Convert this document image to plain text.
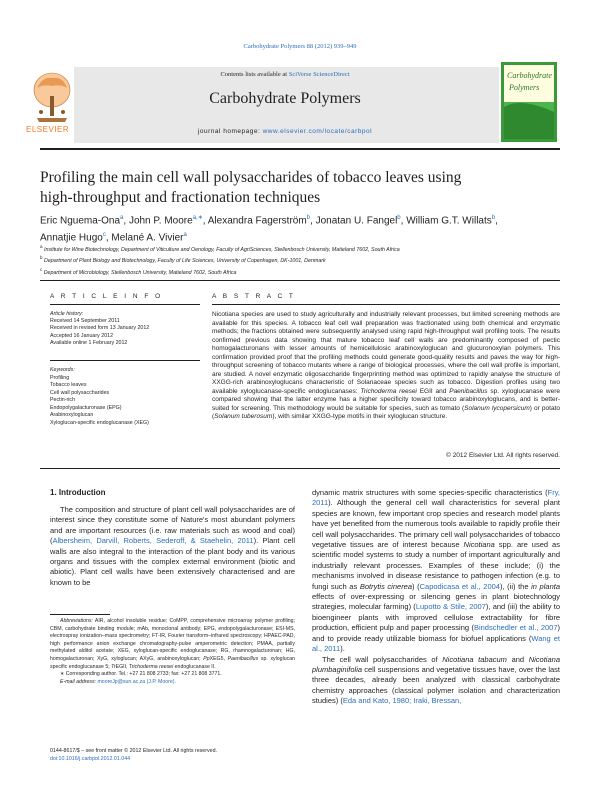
Carbohydrate Polymers 88 (2012) 939–949
ELSEVIER
Contents lists available at SciVerse ScienceDirect
Carbohydrate Polymers
journal homepage: www.elsevier.com/locate/carbpol
Carbohydrate
Polymers
Profiling the main cell wall polysaccharides of tobacco leaves using
high-throughput and fractionation techniques
Eric Nguema-Ona$^a$, John P. Moore$^{a,∗}$, Alexandra Fagerström$^b$, Jonatan U. Fangel$^b$, William G.T. Willats$^b$,
Annatjie Hugo$^c$, Melané A. Vivier$^a$
$^a$ Institute for Wine Biotechnology, Department of Viticulture and Oenology, Faculty of AgriSciences, Stellenbosch University, Matieland 7602, South Africa
$^b$ Department of Plant Biology and Biotechnology, Faculty of Life Sciences, University of Copenhagen, DK-1001, Denmark
$^c$ Department of Microbiology, Stellenbosch University, Matieland 7602, South Africa
A R T I C L E I N F O	A B S T R A C T
Article history:
Received 14 September 2011
Received in revised form 13 January 2012
Accepted 16 January 2012
Available online 1 February 2012
Keywords:
Profiling
Tobacco leaves
Cell wall polysaccharides
Pectin-rich
Endopolygalacturonase (EPG)
Arabinoxyloglucan
Xyloglucan-specific endoglucanase (XEG)
Nicotiana species are used to study agriculturally and industrially relevant processes, but limited screening methods are available for this species. A tobacco leaf cell wall preparation was fractionated using both chemical and enzymatic methods; the fractions obtained were subsequently analysed using rapid high-throughput wall profiling tools. The results confirmed previous data showing that mature tobacco leaf cell walls are predominantly composed of pectic homogalacturonans with lesser amounts of hemicellulosic arabinoxyloglucan and glucuronoxylan polymers. This confirmation provided proof that the profiling methods could generate good-quality results and paves the way for high-throughput screening of tobacco mutants where a range of biological processes, where the cell wall profile is important, are studied. A novel enzymatic oligosaccharide fingerprinting method was optimized to rapidly analyse the structure of XXGG-rich arabinoxyloglucans characteristic of Solanaceae species such as tobacco. Digestion profiles using two available xyloglucanase-specific endoglucanases: Trichoderma reesei EGII and Paenibacillus sp. xyloglucanase were compared showing that the latter enzyme has a higher specificity toward tobacco arabinoxyloglucans, and is better-suited for screening. This methodology would be suitable for species, such as tomato (Solanum lycopersicum) or potato (Solanum tuberosum), with similar XXGG-type motifs in their xyloglucan structure.
© 2012 Elsevier Ltd. All rights reserved.
1. Introduction

The composition and structure of plant cell wall polysaccharides are of interest since they constitute some of Nature's most abundant polymers and are important resources (i.e. raw materials such as wood and coal) (Albersheim, Darvill, Roberts, Sederoff, & Staehelin, 2011). Plant cell walls are also integral to the interaction of the plant body and its various organs and tissues with the complex external environment (biotic and abiotic). Plant cell walls have been extensively characterised and are known to be

Abbreviations: AIR, alcohol insoluble residue; CoMPP, comprehensive microarray polymer profiling; CBM, carbohydrate binding module; mAb, monoclonal antibody; EPG, endopolygalacturonase; ESI-MS, electrospray ionization–mass spectrometry; FT-IR, Fourier transform–infrared spectroscopy; HPAEC-PAD, high performance anion exchange chromatography-pulse amperometric detection; PMAA, partially methylated alditol acetate; XEG, xyloglucan-specific endoglucanase; RG, rhamnogalacturonan; HG, homogalacturonan; XyG, xyloglucan; AXyG, arabinoxyloglucan; PpXEG5, Paenibacillus sp. xyloglucan specific endoglucanase 5; TrEGII, Trichoderma reesei endoglucanase II.

∗ Corresponding author. Tel.: +27 21 808 2733; fax: +27 21 808 3771.

E-mail address: mooreJp@sun.ac.za (J.P. Moore).

0144-8617/$ – see front matter © 2012 Elsevier Ltd. All rights reserved.
doi:10.1016/j.carbpol.2012.01.044

dynamic matrix structures with some species-specific characteristics (Fry, 2011). Although the general cell wall characteristics for several plant species are known, few important crop species and research model plants have yet benefited from the numerous tools available to rapidly profile their cell wall polysaccharides. The primary cell wall polysaccharides of tobacco vegetative tissues are of interest because Nicotiana spp. are used as scientific model systems to study a number of important agriculturally and industrially relevant processes. Examples of these include; (i) the mechanisms involved in disease resistance to pathogen infection (e.g. to fungi such as Botrytis cinerea) (Capodicasa et al., 2004), (ii) the in planta effects of over-expressing or silencing genes in plant biotechnology strategies, molecular farming) (Lupotto & Stile, 2007), and (iii) the ability to bioengineer plants with improved cellulose extractability for fibre production, efficient pulp and paper processing (Bindschedler et al., 2007) and to provide ready utilizable biomass for biofuel applications (Wang et al., 2011).

The cell wall polysaccharides of Nicotiana tabacum and Nicotiana plumbaginifolia cell suspensions and vegetative tissues have, over the last three decades, already been analyzed with classical carbohydrate chemistry approaches (classical polymer isolation and characterization studies) (Eda and Kato, 1980; Iraki, Bressan,
